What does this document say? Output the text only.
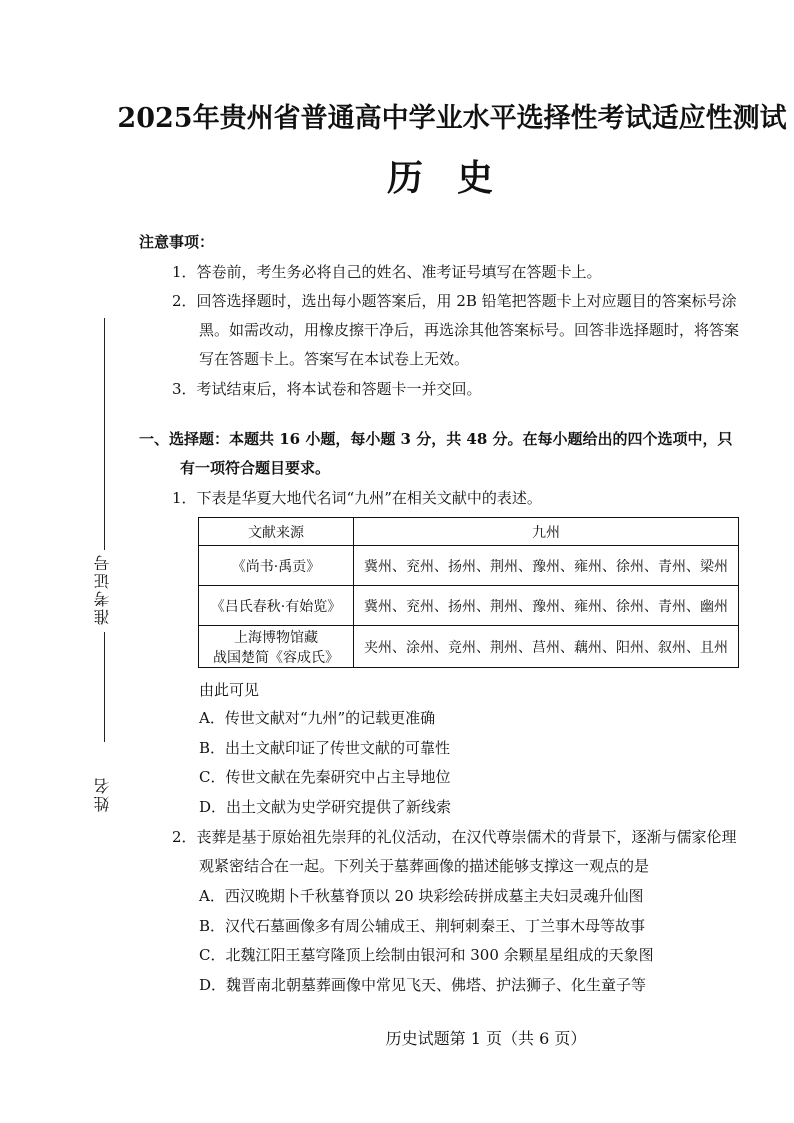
准考证号
姓名
2025年贵州省普通高中学业水平选择性考试适应性测试
历史
注意事项：
1．答卷前，考生务必将自己的姓名、准考证号填写在答题卡上。
2．回答选择题时，选出每小题答案后，用 2B 铅笔把答题卡上对应题目的答案标号涂
黑。如需改动，用橡皮擦干净后，再选涂其他答案标号。回答非选择题时，将答案
写在答题卡上。答案写在本试卷上无效。
3．考试结束后，将本试卷和答题卡一并交回。
一、选择题：本题共 16 小题，每小题 3 分，共 48 分。在每小题给出的四个选项中，只
有一项符合题目要求。
1．下表是华夏大地代名词“九州”在相关文献中的表述。
文献来源	九州
《尚书·禹贡》	冀州、兖州、扬州、荆州、豫州、雍州、徐州、青州、梁州
《吕氏春秋·有始览》	冀州、兖州、扬州、荆州、豫州、雍州、徐州、青州、幽州

上海博物馆藏
战国楚简《容成氏》	夹州、涂州、竞州、荆州、莒州、藕州、阳州、叙州、且州
由此可见
A．传世文献对“九州”的记载更准确
B．出土文献印证了传世文献的可靠性
C．传世文献在先秦研究中占主导地位
D．出土文献为史学研究提供了新线索
2．丧葬是基于原始祖先崇拜的礼仪活动，在汉代尊崇儒术的背景下，逐渐与儒家伦理
观紧密结合在一起。下列关于墓葬画像的描述能够支撑这一观点的是
A．西汉晚期卜千秋墓脊顶以 20 块彩绘砖拼成墓主夫妇灵魂升仙图
B．汉代石墓画像多有周公辅成王、荆轲刺秦王、丁兰事木母等故事
C．北魏江阳王墓穹隆顶上绘制由银河和 300 余颗星星组成的天象图
D．魏晋南北朝墓葬画像中常见飞天、佛塔、护法狮子、化生童子等
历史试题第 1 页（共 6 页）
